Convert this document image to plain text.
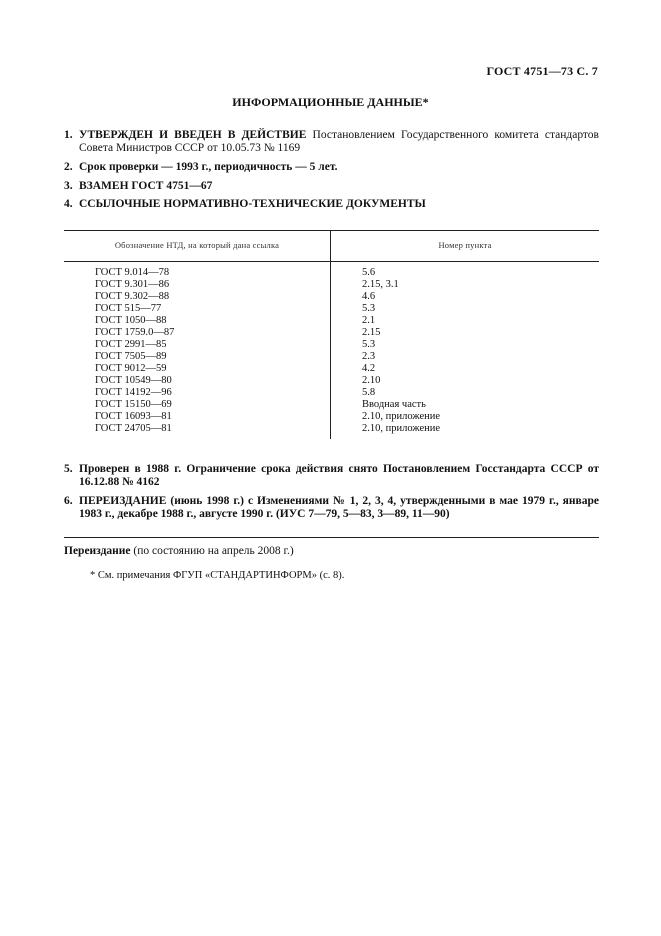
ГОСТ 4751—73 С. 7
ИНФОРМАЦИОННЫЕ ДАННЫЕ*
1. УТВЕРЖДЕН И ВВЕДЕН В ДЕЙСТВИЕ Постановлением Государственного комитета стандартов Совета Министров СССР от 10.05.73 № 1169
2. Срок проверки — 1993 г., периодичность — 5 лет.
3. ВЗАМЕН ГОСТ 4751—67
4. ССЫЛОЧНЫЕ НОРМАТИВНО-ТЕХНИЧЕСКИЕ ДОКУМЕНТЫ
Обозначение НТД, на который дана ссылка	Номер пункта
ГОСТ 9.014—78	5.6
ГОСТ 9.301—86	2.15, 3.1
ГОСТ 9.302—88	4.6
ГОСТ 515—77	5.3
ГОСТ 1050—88	2.1
ГОСТ 1759.0—87	2.15
ГОСТ 2991—85	5.3
ГОСТ 7505—89	2.3
ГОСТ 9012—59	4.2
ГОСТ 10549—80	2.10
ГОСТ 14192—96	5.8
ГОСТ 15150—69	Вводная часть
ГОСТ 16093—81	2.10, приложение
ГОСТ 24705—81	2.10, приложение
5. Проверен в 1988 г. Ограничение срока действия снято Постановлением Госстандарта СССР от 16.12.88 № 4162
6. ПЕРЕИЗДАНИЕ (июнь 1998 г.) с Изменениями № 1, 2, 3, 4, утвержденными в мае 1979 г., январе 1983 г., декабре 1988 г., августе 1990 г. (ИУС 7—79, 5—83, 3—89, 11—90)
Переиздание (по состоянию на апрель 2008 г.)
* См. примечания ФГУП «СТАНДАРТИНФОРМ» (с. 8).
